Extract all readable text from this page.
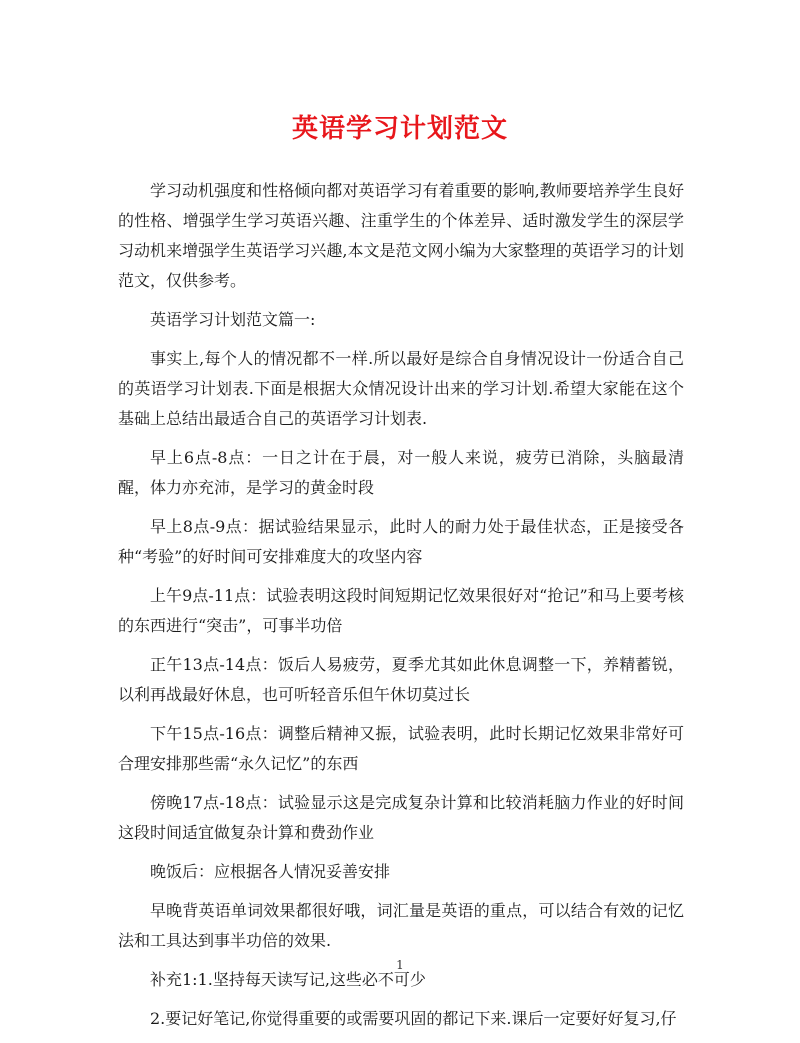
英语学习计划范文

学习动机强度和性格倾向都对英语学习有着重要的影响,教师要培养学生良好的性格、增强学生学习英语兴趣、注重学生的个体差异、适时激发学生的深层学习动机来增强学生英语学习兴趣,本文是范文网小编为大家整理的英语学习的计划范文，仅供参考。

英语学习计划范文篇一:

事实上,每个人的情况都不一样.所以最好是综合自身情况设计一份适合自己的英语学习计划表.下面是根据大众情况设计出来的学习计划.希望大家能在这个基础上总结出最适合自己的英语学习计划表.

早上6点-8点：一日之计在于晨，对一般人来说，疲劳已消除，头脑最清醒，体力亦充沛，是学习的黄金时段

早上8点-9点：据试验结果显示，此时人的耐力处于最佳状态，正是接受各种“考验”的好时间可安排难度大的攻坚内容

上午9点-11点：试验表明这段时间短期记忆效果很好对“抢记”和马上要考核的东西进行“突击”，可事半功倍

正午13点-14点：饭后人易疲劳，夏季尤其如此休息调整一下，养精蓄锐，以利再战最好休息，也可听轻音乐但午休切莫过长

下午15点-16点：调整后精神又振，试验表明，此时长期记忆效果非常好可合理安排那些需“永久记忆”的东西

傍晚17点-18点：试验显示这是完成复杂计算和比较消耗脑力作业的好时间这段时间适宜做复杂计算和费劲作业

晚饭后：应根据各人情况妥善安排

早晚背英语单词效果都很好哦，词汇量是英语的重点，可以结合有效的记忆法和工具达到事半功倍的效果.

补充1:1.坚持每天读写记,这些必不可少

2.要记好笔记,你觉得重要的或需要巩固的都记下来.课后一定要好好复习,仔

1
